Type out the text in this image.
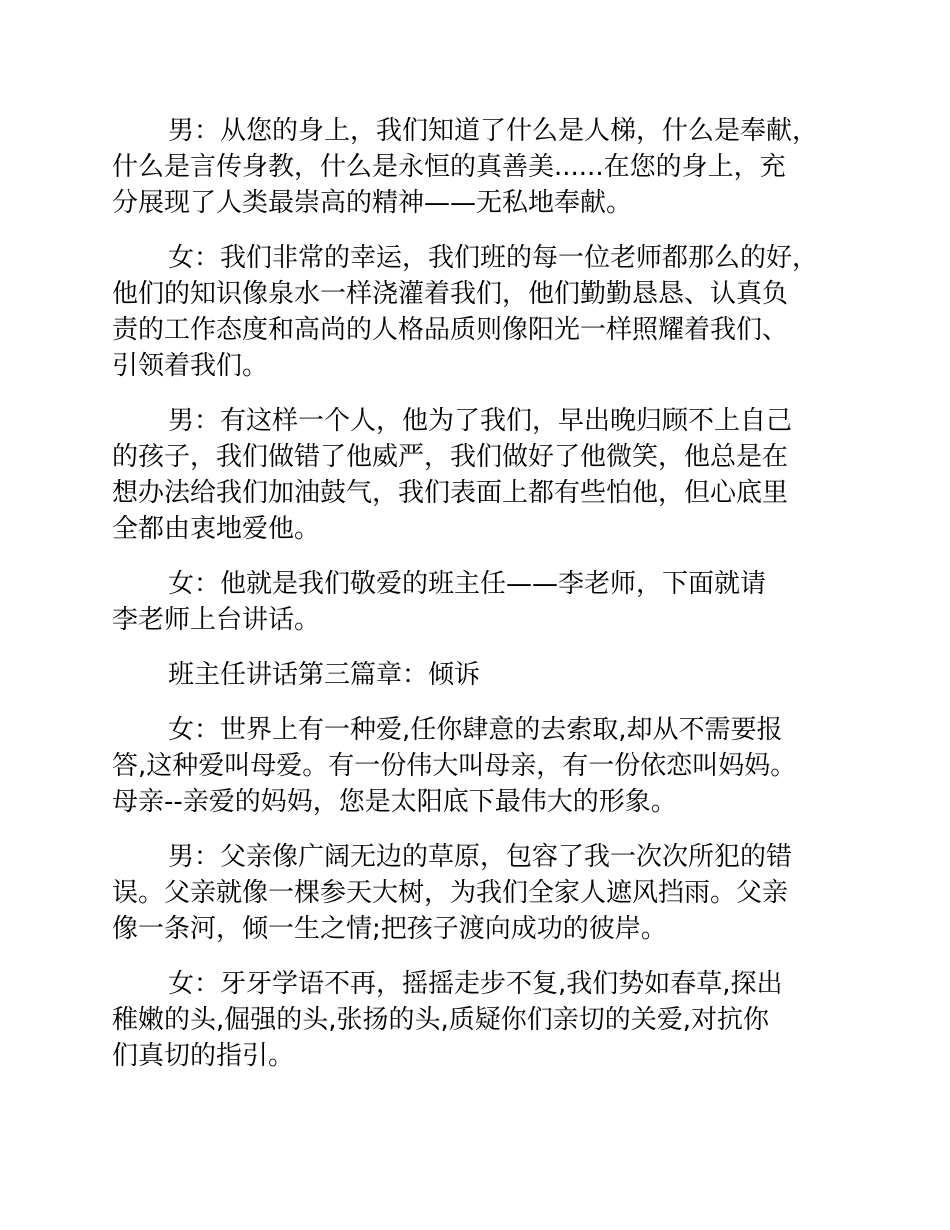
男：从您的身上，我们知道了什么是人梯，什么是奉献，
什么是言传身教，什么是永恒的真善美......在您的身上，充
分展现了人类最崇高的精神——无私地奉献。
女：我们非常的幸运，我们班的每一位老师都那么的好，
他们的知识像泉水一样浇灌着我们，他们勤勤恳恳、认真负
责的工作态度和高尚的人格品质则像阳光一样照耀着我们、
引领着我们。
男：有这样一个人，他为了我们，早出晚归顾不上自己
的孩子，我们做错了他威严，我们做好了他微笑，他总是在
想办法给我们加油鼓气，我们表面上都有些怕他，但心底里
全都由衷地爱他。
女：他就是我们敬爱的班主任——李老师，下面就请
李老师上台讲话。
班主任讲话第三篇章：倾诉
女：世界上有一种爱,任你肆意的去索取,却从不需要报
答,这种爱叫母爱。有一份伟大叫母亲，有一份依恋叫妈妈。
母亲--亲爱的妈妈，您是太阳底下最伟大的形象。
男：父亲像广阔无边的草原，包容了我一次次所犯的错
误。父亲就像一棵参天大树，为我们全家人遮风挡雨。父亲
像一条河，倾一生之情;把孩子渡向成功的彼岸。
女：牙牙学语不再，摇摇走步不复,我们势如春草,探出
稚嫩的头,倔强的头,张扬的头,质疑你们亲切的关爱,对抗你
们真切的指引。
